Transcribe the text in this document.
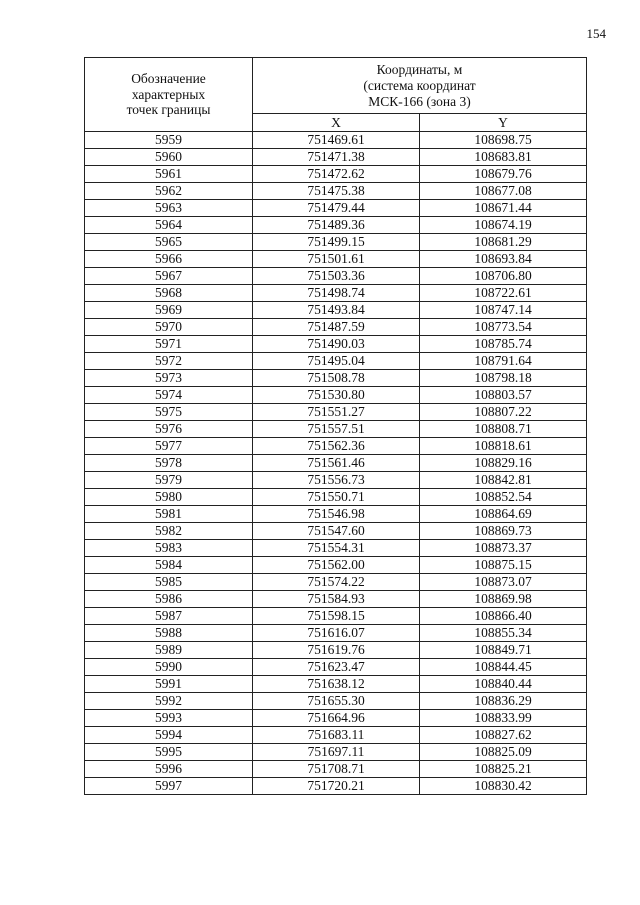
154
Обозначение
характерных
точек границы	Координаты, м
(система координат
МСК-166 (зона 3)	

	X	Y
5959	751469.61	108698.75
5960	751471.38	108683.81
5961	751472.62	108679.76
5962	751475.38	108677.08
5963	751479.44	108671.44
5964	751489.36	108674.19
5965	751499.15	108681.29
5966	751501.61	108693.84
5967	751503.36	108706.80
5968	751498.74	108722.61
5969	751493.84	108747.14
5970	751487.59	108773.54
5971	751490.03	108785.74
5972	751495.04	108791.64
5973	751508.78	108798.18
5974	751530.80	108803.57
5975	751551.27	108807.22
5976	751557.51	108808.71
5977	751562.36	108818.61
5978	751561.46	108829.16
5979	751556.73	108842.81
5980	751550.71	108852.54
5981	751546.98	108864.69
5982	751547.60	108869.73
5983	751554.31	108873.37
5984	751562.00	108875.15
5985	751574.22	108873.07
5986	751584.93	108869.98
5987	751598.15	108866.40
5988	751616.07	108855.34
5989	751619.76	108849.71
5990	751623.47	108844.45
5991	751638.12	108840.44
5992	751655.30	108836.29
5993	751664.96	108833.99
5994	751683.11	108827.62
5995	751697.11	108825.09
5996	751708.71	108825.21
5997	751720.21	108830.42
